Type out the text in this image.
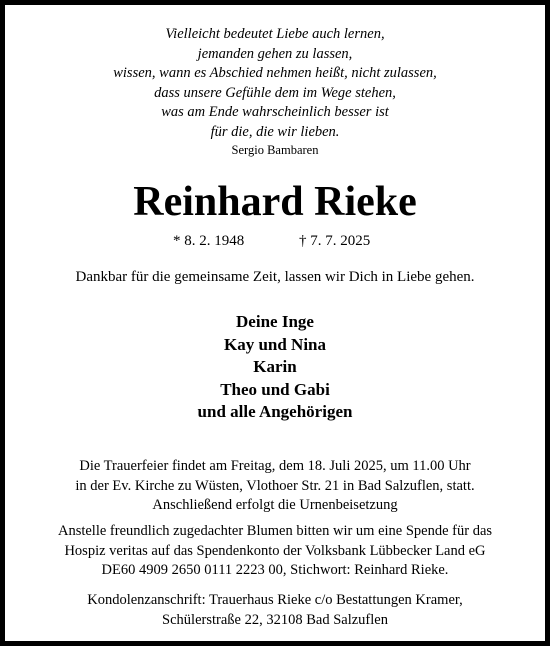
Vielleicht bedeutet Liebe auch lernen,
jemanden gehen zu lassen,
wissen, wann es Abschied nehmen heißt, nicht zulassen,
dass unsere Gefühle dem im Wege stehen,
was am Ende wahrscheinlich besser ist
für die, die wir lieben.
Sergio Bambaren
Reinhard Rieke
* 8. 2. 1948	† 7. 7. 2025
Dankbar für die gemeinsame Zeit, lassen wir Dich in Liebe gehen.
Deine Inge
Kay und Nina
Karin
Theo und Gabi
und alle Angehörigen
Die Trauerfeier findet am Freitag, dem 18. Juli 2025, um 11.00 Uhr
in der Ev. Kirche zu Wüsten, Vlothoer Str. 21 in Bad Salzuflen, statt.
Anschließend erfolgt die Urnenbeisetzung
Anstelle freundlich zugedachter Blumen bitten wir um eine Spende für das
Hospiz veritas auf das Spendenkonto der Volksbank Lübbecker Land eG
DE60 4909 2650 0111 2223 00, Stichwort: Reinhard Rieke.
Kondolenzanschrift: Trauerhaus Rieke c/o Bestattungen Kramer,
Schülerstraße 22, 32108 Bad Salzuflen
